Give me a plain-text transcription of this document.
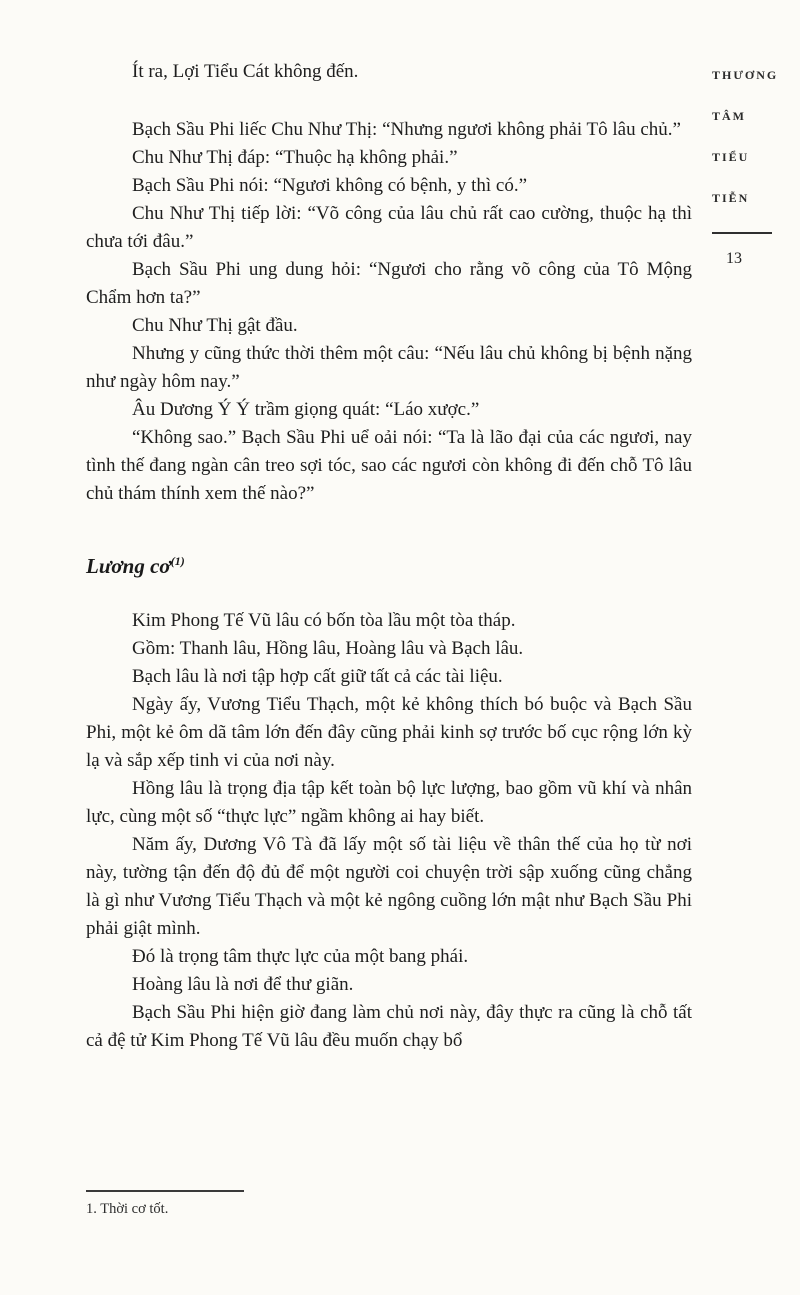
Ít ra, Lợi Tiểu Cát không đến.

Bạch Sầu Phi liếc Chu Như Thị: “Nhưng ngươi không phải Tô lâu chủ.”

Chu Như Thị đáp: “Thuộc hạ không phải.”

Bạch Sầu Phi nói: “Ngươi không có bệnh, y thì có.”

Chu Như Thị tiếp lời: “Võ công của lâu chủ rất cao cường, thuộc hạ thì chưa tới đâu.”

Bạch Sầu Phi ung dung hỏi: “Ngươi cho rằng võ công của Tô Mộng Chẩm hơn ta?”

Chu Như Thị gật đầu.

Nhưng y cũng thức thời thêm một câu: “Nếu lâu chủ không bị bệnh nặng như ngày hôm nay.”

Âu Dương Ý Ý trầm giọng quát: “Láo xược.”

“Không sao.” Bạch Sầu Phi uể oải nói: “Ta là lão đại của các ngươi, nay tình thế đang ngàn cân treo sợi tóc, sao các ngươi còn không đi đến chỗ Tô lâu chủ thám thính xem thế nào?”

Lương $cơ^{(1)}$

Kim Phong Tế Vũ lâu có bốn tòa lầu một tòa tháp.

Gồm: Thanh lâu, Hồng lâu, Hoàng lâu và Bạch lâu.

Bạch lâu là nơi tập hợp cất giữ tất cả các tài liệu.

Ngày ấy, Vương Tiểu Thạch, một kẻ không thích bó buộc và Bạch Sầu Phi, một kẻ ôm dã tâm lớn đến đây cũng phải kinh sợ trước bố cục rộng lớn kỳ lạ và sắp xếp tinh vi của nơi này.

Hồng lâu là trọng địa tập kết toàn bộ lực lượng, bao gồm vũ khí và nhân lực, cùng một số “thực lực” ngầm không ai hay biết.

Năm ấy, Dương Vô Tà đã lấy một số tài liệu về thân thế của họ từ nơi này, tường tận đến độ đủ để một người coi chuyện trời sập xuống cũng chẳng là gì như Vương Tiểu Thạch và một kẻ ngông cuồng lớn mật như Bạch Sầu Phi phải giật mình.

Đó là trọng tâm thực lực của một bang phái.

Hoàng lâu là nơi để thư giãn.

Bạch Sầu Phi hiện giờ đang làm chủ nơi này, đây thực ra cũng là chỗ tất cả đệ tử Kim Phong Tế Vũ lâu đều muốn chạy bổ

THƯƠNG
TÂM
TIỂU
TIỄN
13
1. Thời cơ tốt.
